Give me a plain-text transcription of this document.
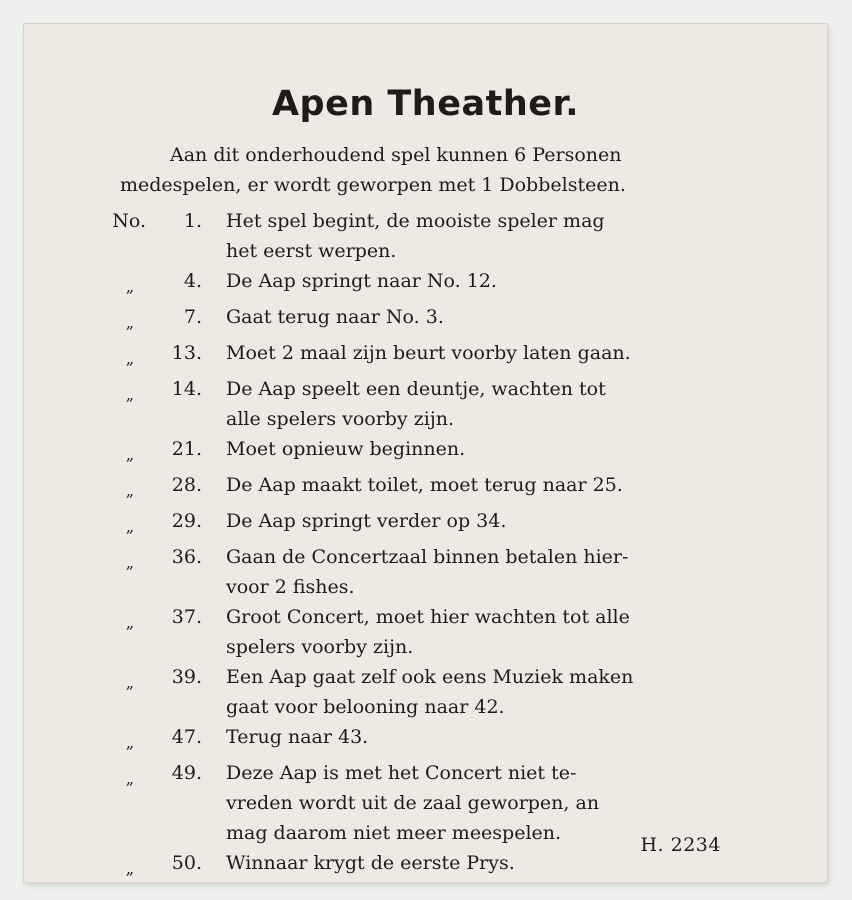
Apen Theather.
Aan dit onderhoudend spel kunnen 6 Personen
medespelen, er wordt geworpen met 1 Dobbelsteen.
No.	1.	Het spel begint, de mooiste speler mag
het eerst werpen.
„	4.	De Aap springt naar No. 12.
„	7.	Gaat terug naar No. 3.
„	13.	Moet 2 maal zijn beurt voorby laten gaan.
„	14.	De Aap speelt een deuntje, wachten tot
alle spelers voorby zijn.
„	21.	Moet opnieuw beginnen.
„	28.	De Aap maakt toilet, moet terug naar 25.
„	29.	De Aap springt verder op 34.
„	36.	Gaan de Concertzaal binnen betalen hier-
voor 2 fishes.
„	37.	Groot Concert, moet hier wachten tot alle
spelers voorby zijn.
„	39.	Een Aap gaat zelf ook eens Muziek maken
gaat voor belooning naar 42.
„	47.	Terug naar 43.
„	49.	Deze Aap is met het Concert niet te-
vreden wordt uit de zaal geworpen, an
mag daarom niet meer meespelen.
„	50.	Winnaar krygt de eerste Prys.
H. 2234
